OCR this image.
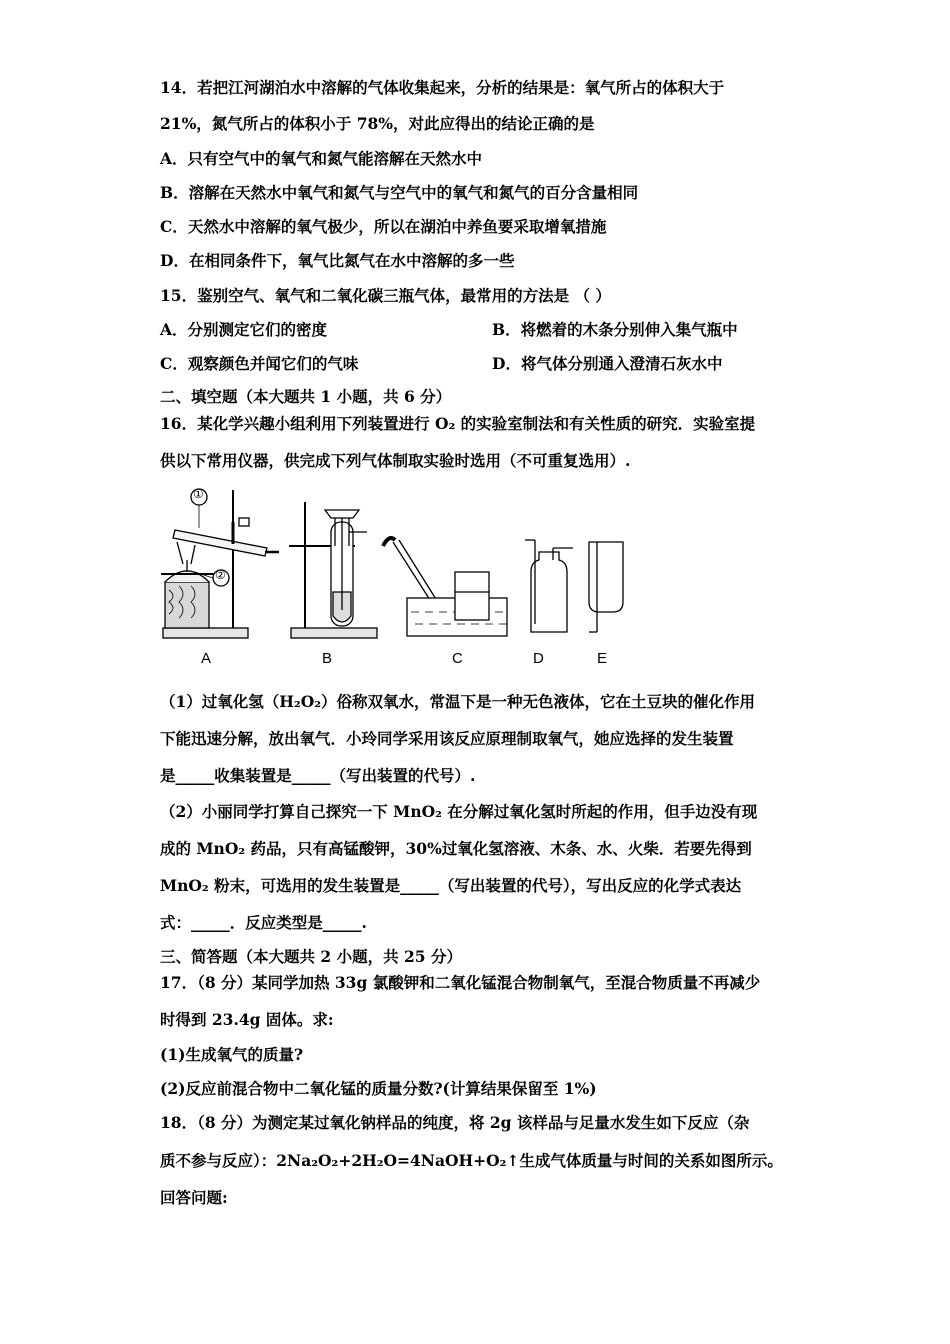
14．若把江河湖泊水中溶解的气体收集起来，分析的结果是：氧气所占的体积大于
21%，氮气所占的体积小于 78%，对此应得出的结论正确的是
A．只有空气中的氧气和氮气能溶解在天然水中
B．溶解在天然水中氧气和氮气与空气中的氧气和氮气的百分含量相同
C．天然水中溶解的氧气极少，所以在湖泊中养鱼要采取增氧措施
D．在相同条件下，氧气比氮气在水中溶解的多一些
15．鉴别空气、氧气和二氧化碳三瓶气体，最常用的方法是 （ ）
A．分别测定它们的密度	B．将燃着的木条分别伸入集气瓶中
C．观察颜色并闻它们的气味	D．将气体分别通入澄清石灰水中
二、填空题（本大题共 1 小题，共 6 分）
16．某化学兴趣小组利用下列装置进行 O₂ 的实验室制法和有关性质的研究．实验室提
供以下常用仪器，供完成下列气体制取实验时选用（不可重复选用）.
A	B	C	D	E
①
②
（1）过氧化氢（H₂O₂）俗称双氧水，常温下是一种无色液体，它在土豆块的催化作用
下能迅速分解，放出氧气．小玲同学采用该反应原理制取氧气，她应选择的发生装置
是_____收集装置是_____（写出装置的代号）.
（2）小丽同学打算自己探究一下 MnO₂ 在分解过氧化氢时所起的作用，但手边没有现
成的 MnO₂ 药品，只有高锰酸钾，30%过氧化氢溶液、木条、水、火柴．若要先得到
MnO₂ 粉末，可选用的发生装置是_____（写出装置的代号），写出反应的化学式表达
式：_____．反应类型是_____.
三、简答题（本大题共 2 小题，共 25 分）
17．（8 分）某同学加热 33g 氯酸钾和二氧化锰混合物制氧气，至混合物质量不再减少
时得到 23.4g 固体。求:
(1)生成氧气的质量?
(2)反应前混合物中二氧化锰的质量分数?(计算结果保留至 1%)
18．（8 分）为测定某过氧化钠样品的纯度，将 2g 该样品与足量水发生如下反应（杂
质不参与反应）：2Na₂O₂+2H₂O=4NaOH+O₂↑生成气体质量与时间的关系如图所示。
回答问题:
